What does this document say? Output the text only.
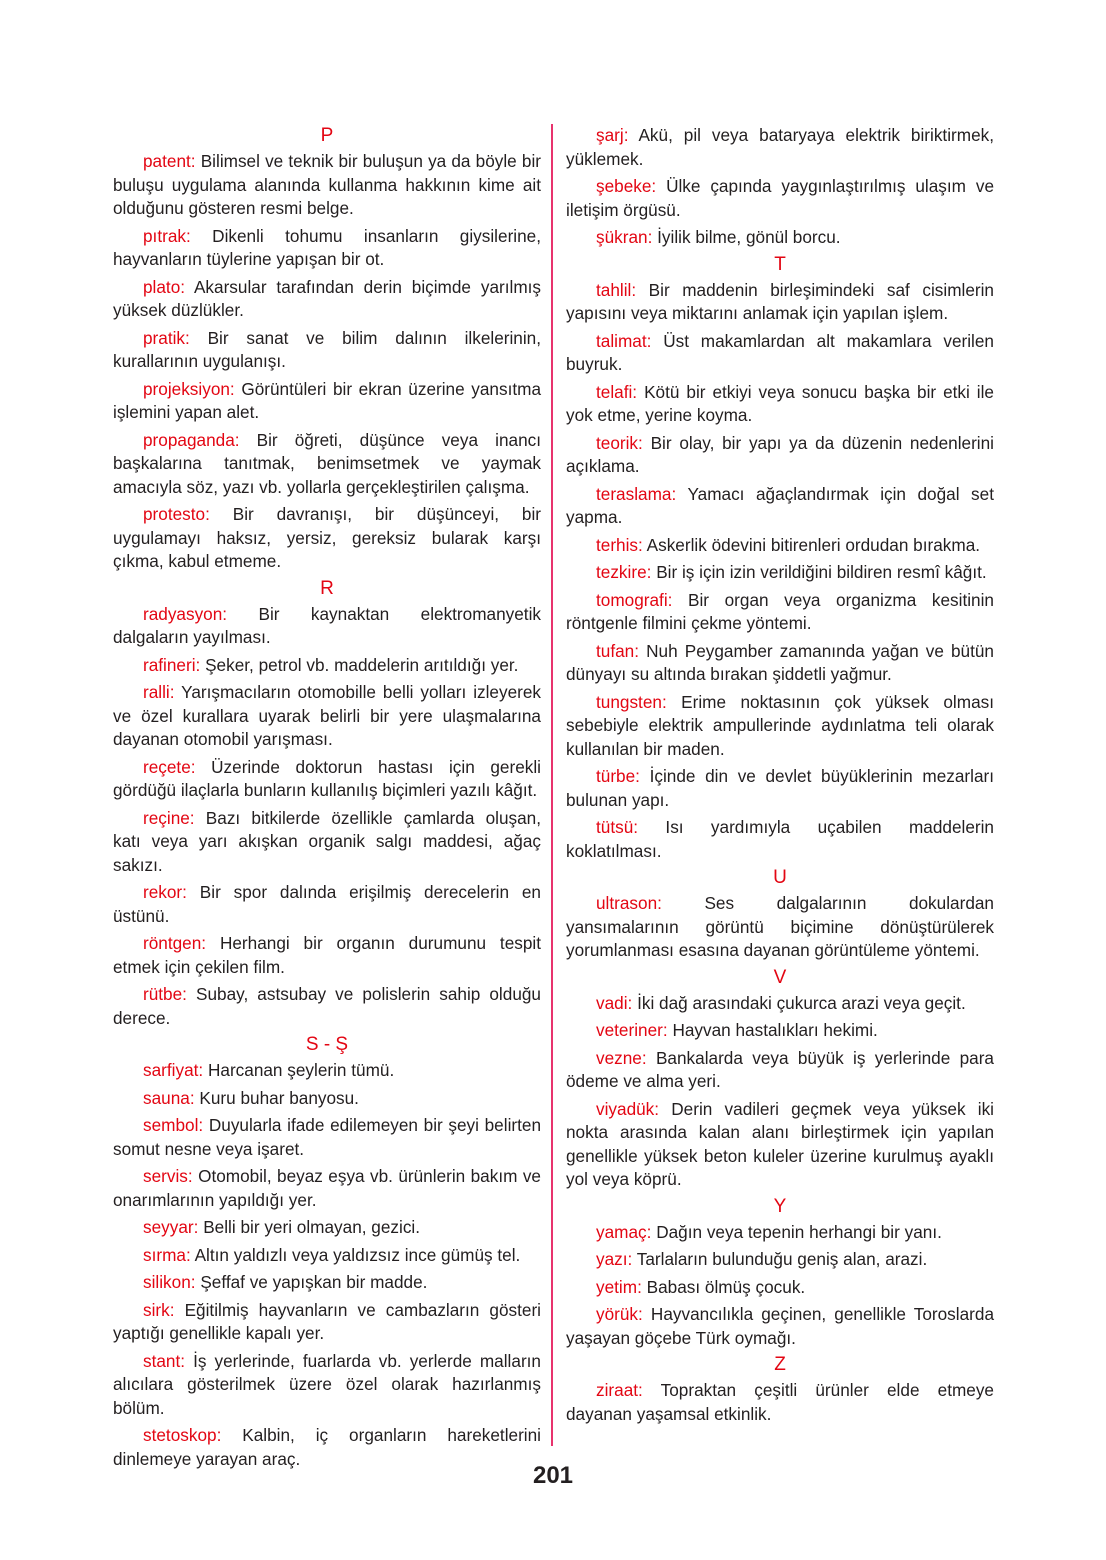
P

patent: Bilimsel ve teknik bir buluşun ya da böyle bir buluşu uygulama alanında kullanma hakkının kime ait olduğunu gösteren resmi belge.

pıtrak: Dikenli tohumu insanların giysilerine, hayvanların tüylerine yapışan bir ot.

plato: Akarsular tarafından derin biçimde yarılmış yüksek düzlükler.

pratik: Bir sanat ve bilim dalının ilkelerinin, kurallarının uygulanışı.

projeksiyon: Görüntüleri bir ekran üzerine yansıtma işlemini yapan alet.

propaganda: Bir öğreti, düşünce veya inancı başkalarına tanıtmak, benimsetmek ve yaymak amacıyla söz, yazı vb. yollarla gerçekleştirilen çalışma.

protesto: Bir davranışı, bir düşünceyi, bir uygulamayı haksız, yersiz, gereksiz bularak karşı çıkma, kabul etmeme.

R

radyasyon: Bir kaynaktan elektromanyetik dalgaların yayılması.

rafineri: Şeker, petrol vb. maddelerin arıtıldığı yer.

ralli: Yarışmacıların otomobille belli yolları izleyerek ve özel kurallara uyarak belirli bir yere ulaşmalarına dayanan otomobil yarışması.

reçete: Üzerinde doktorun hastası için gerekli gördüğü ilaçlarla bunların kullanılış biçimleri yazılı kâğıt.

reçine: Bazı bitkilerde özellikle çamlarda oluşan, katı veya yarı akışkan organik salgı maddesi, ağaç sakızı.

rekor: Bir spor dalında erişilmiş derecelerin en üstünü.

röntgen: Herhangi bir organın durumunu tespit etmek için çekilen film.

rütbe: Subay, astsubay ve polislerin sahip olduğu derece.

S - Ş

sarfiyat: Harcanan şeylerin tümü.

sauna: Kuru buhar banyosu.

sembol: Duyularla ifade edilemeyen bir şeyi belirten somut nesne veya işaret.

servis: Otomobil, beyaz eşya vb. ürünlerin bakım ve onarımlarının yapıldığı yer.

seyyar: Belli bir yeri olmayan, gezici.

sırma: Altın yaldızlı veya yaldızsız ince gümüş tel.

silikon: Şeffaf ve yapışkan bir madde.

sirk: Eğitilmiş hayvanların ve cambazların gösteri yaptığı genellikle kapalı yer.

stant: İş yerlerinde, fuarlarda vb. yerlerde malların alıcılara gösterilmek üzere özel olarak hazırlanmış bölüm.

stetoskop: Kalbin, iç organların hareketlerini dinlemeye yarayan araç.

şarj: Akü, pil veya bataryaya elektrik biriktirmek, yüklemek.

şebeke: Ülke çapında yaygınlaştırılmış ulaşım ve iletişim örgüsü.

şükran: İyilik bilme, gönül borcu.

T

tahlil: Bir maddenin birleşimindeki saf cisimlerin yapısını veya miktarını anlamak için yapılan işlem.

talimat: Üst makamlardan alt makamlara verilen buyruk.

telafi: Kötü bir etkiyi veya sonucu başka bir etki ile yok etme, yerine koyma.

teorik: Bir olay, bir yapı ya da düzenin nedenlerini açıklama.

teraslama: Yamacı ağaçlandırmak için doğal set yapma.

terhis: Askerlik ödevini bitirenleri ordudan bırakma.

tezkire: Bir iş için izin verildiğini bildiren resmî kâğıt.

tomografi: Bir organ veya organizma kesitinin röntgenle filmini çekme yöntemi.

tufan: Nuh Peygamber zamanında yağan ve bütün dünyayı su altında bırakan şiddetli yağmur.

tungsten: Erime noktasının çok yüksek olması sebebiyle elektrik ampullerinde aydınlatma teli olarak kullanılan bir maden.

türbe: İçinde din ve devlet büyüklerinin mezarları bulunan yapı.

tütsü: Isı yardımıyla uçabilen maddelerin koklatılması.

U

ultrason: Ses dalgalarının dokulardan yansımalarının görüntü biçimine dönüştürülerek yorumlanması esasına dayanan görüntüleme yöntemi.

V

vadi: İki dağ arasındaki çukurca arazi veya geçit.

veteriner: Hayvan hastalıkları hekimi.

vezne: Bankalarda veya büyük iş yerlerinde para ödeme ve alma yeri.

viyadük: Derin vadileri geçmek veya yüksek iki nokta arasında kalan alanı birleştirmek için yapılan genellikle yüksek beton kuleler üzerine kurulmuş ayaklı yol veya köprü.

Y

yamaç: Dağın veya tepenin herhangi bir yanı.

yazı: Tarlaların bulunduğu geniş alan, arazi.

yetim: Babası ölmüş çocuk.

yörük: Hayvancılıkla geçinen, genellikle Toroslarda yaşayan göçebe Türk oymağı.

Z

ziraat: Topraktan çeşitli ürünler elde etmeye dayanan yaşamsal etkinlik.

201
